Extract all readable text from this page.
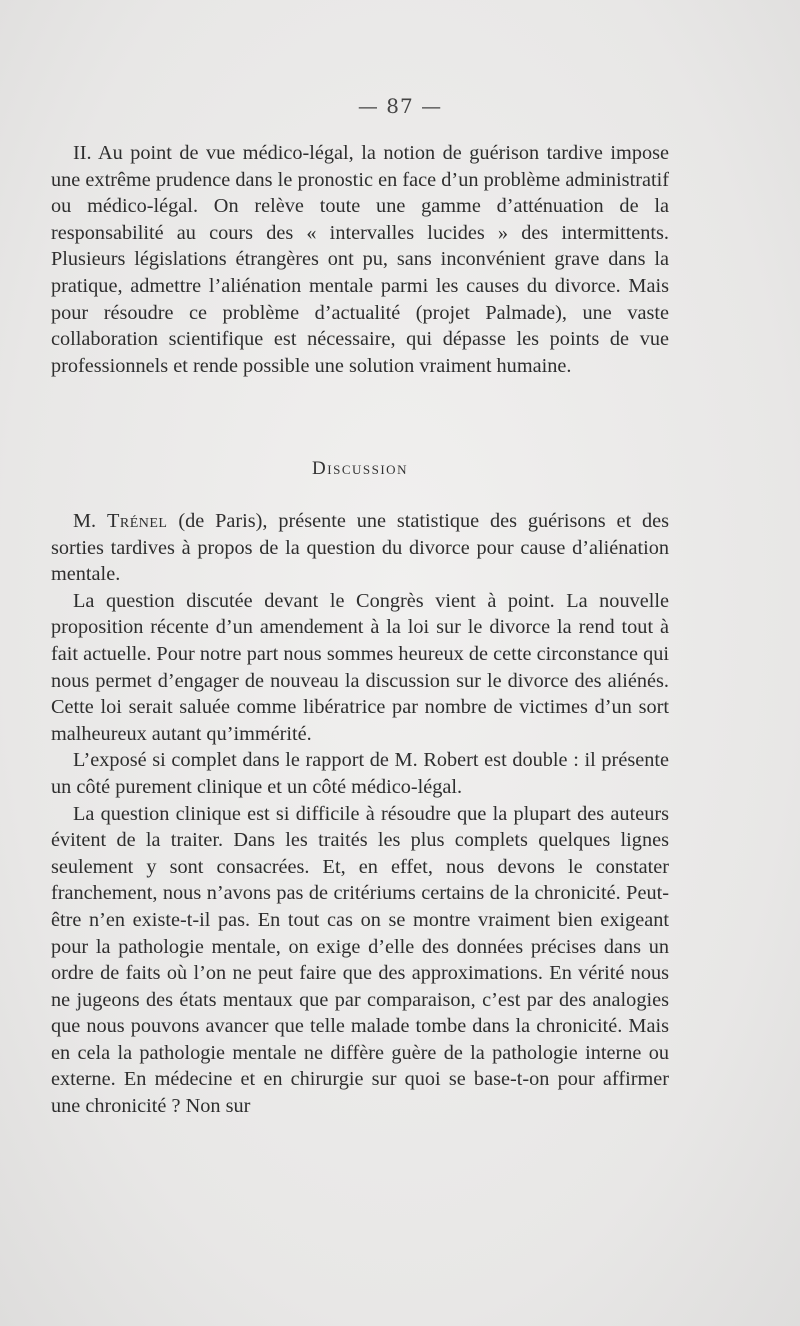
— 87 —

II. Au point de vue médico-légal, la notion de guérison tardive impose une extrême prudence dans le pronostic en face d’un problème administratif ou médico-légal. On relève toute une gamme d’atténuation de la responsabilité au cours des « intervalles lucides » des intermittents. Plusieurs législations étrangères ont pu, sans inconvénient grave dans la pratique, admettre l’aliénation mentale parmi les causes du divorce. Mais pour résoudre ce problème d’actualité (projet Palmade), une vaste collaboration scientifique est nécessaire, qui dépasse les points de vue professionnels et rende possible une solution vraiment humaine.

Discussion

M. Trénel (de Paris), présente une statistique des guérisons et des sorties tardives à propos de la question du divorce pour cause d’aliénation mentale.

La question discutée devant le Congrès vient à point. La nouvelle proposition récente d’un amendement à la loi sur le divorce la rend tout à fait actuelle. Pour notre part nous sommes heureux de cette circonstance qui nous permet d’engager de nouveau la discussion sur le divorce des aliénés. Cette loi serait saluée comme libératrice par nombre de victimes d’un sort malheureux autant qu’immérité.

L’exposé si complet dans le rapport de M. Robert est double : il présente un côté purement clinique et un côté médico-légal.

La question clinique est si difficile à résoudre que la plupart des auteurs évitent de la traiter. Dans les traités les plus complets quelques lignes seulement y sont consacrées. Et, en effet, nous devons le constater franchement, nous n’avons pas de critériums certains de la chronicité. Peut-être n’en existe-t-il pas. En tout cas on se montre vraiment bien exigeant pour la pathologie mentale, on exige d’elle des données précises dans un ordre de faits où l’on ne peut faire que des approximations. En vérité nous ne jugeons des états mentaux que par comparaison, c’est par des analogies que nous pouvons avancer que telle malade tombe dans la chronicité. Mais en cela la pathologie mentale ne diffère guère de la pathologie interne ou externe. En médecine et en chirurgie sur quoi se base-t-on pour affirmer une chronicité ? Non sur
